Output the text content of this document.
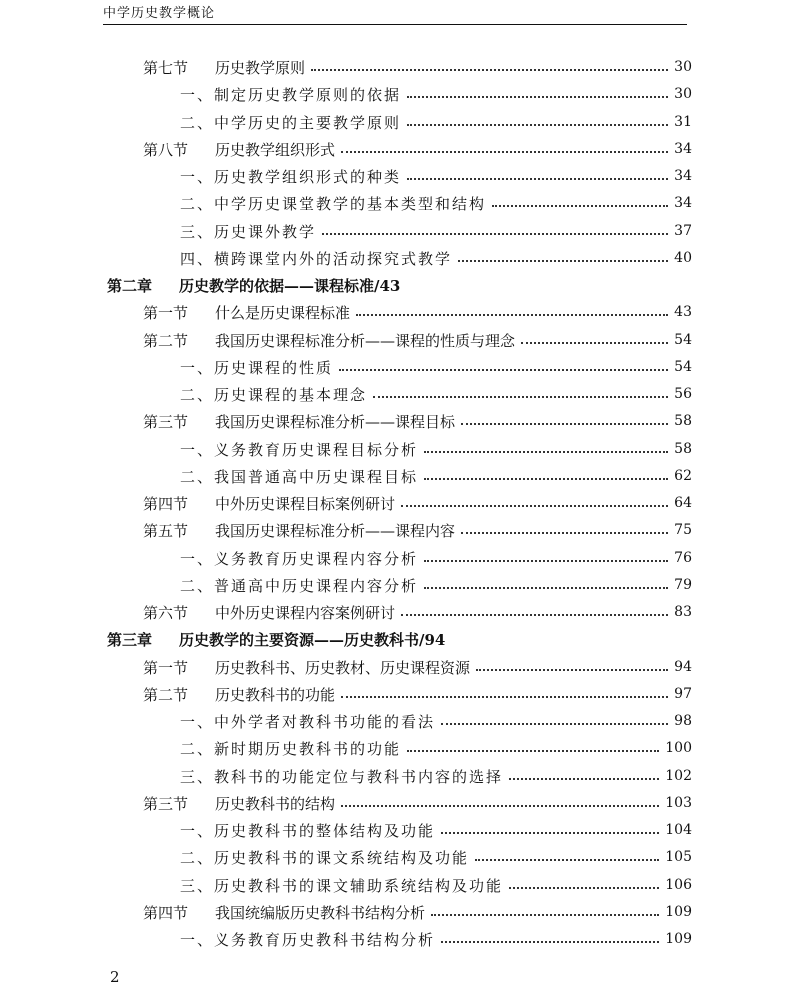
中学历史教学概论
第七节 历史教学原则	30
一、制定历史教学原则的依据	30
二、中学历史的主要教学原则	31
第八节 历史教学组织形式	34
一、历史教学组织形式的种类	34
二、中学历史课堂教学的基本类型和结构	34
三、历史课外教学	37
四、横跨课堂内外的活动探究式教学	40
第二章	历史教学的依据——课程标准/43
第一节 什么是历史课程标准	43
第二节 我国历史课程标准分析——课程的性质与理念	54
一、历史课程的性质	54
二、历史课程的基本理念	56
第三节 我国历史课程标准分析——课程目标	58
一、义务教育历史课程目标分析	58
二、我国普通高中历史课程目标	62
第四节 中外历史课程目标案例研讨	64
第五节 我国历史课程标准分析——课程内容	75
一、义务教育历史课程内容分析	76
二、普通高中历史课程内容分析	79
第六节 中外历史课程内容案例研讨	83
第三章	历史教学的主要资源——历史教科书/94
第一节 历史教科书、历史教材、历史课程资源	94
第二节 历史教科书的功能	97
一、中外学者对教科书功能的看法	98
二、新时期历史教科书的功能	100
三、教科书的功能定位与教科书内容的选择	102
第三节 历史教科书的结构	103
一、历史教科书的整体结构及功能	104
二、历史教科书的课文系统结构及功能	105
三、历史教科书的课文辅助系统结构及功能	106
第四节 我国统编版历史教科书结构分析	109
一、义务教育历史教科书结构分析	109
2
